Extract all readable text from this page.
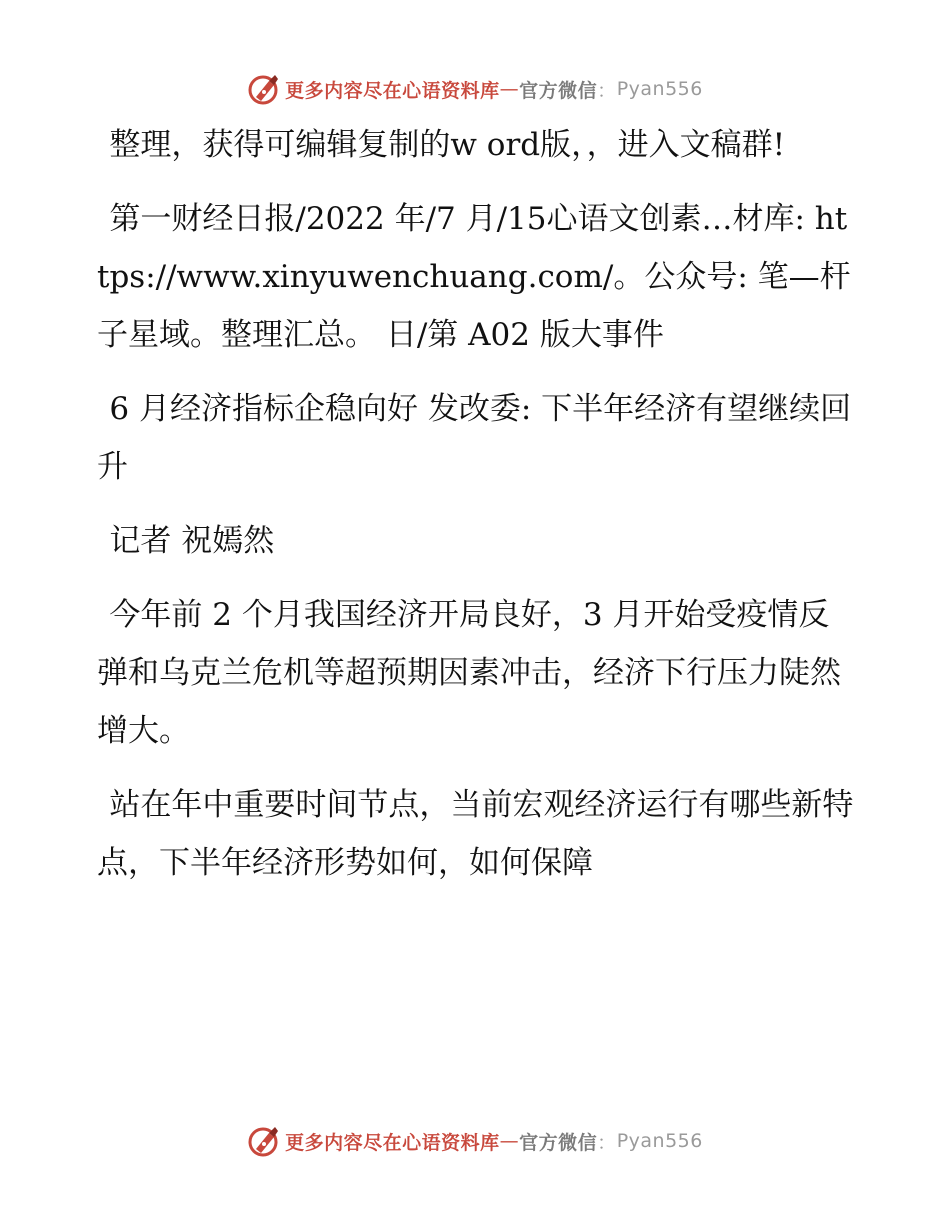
更多内容尽在心语资料库 — 官方微信 ： Pyan556

整理，获得可编辑复制的w ord版，，进入文稿群!

第一财经日报/2022 年/7 月/15心语文创素…材库: https://www.xinyuwenchuang.com/。公众号: 笔—杆子星域。整理汇总。 日/第 A02 版大事件

6 月经济指标企稳向好 发改委: 下半年经济有望继续回升

记者 祝嫣然

今年前 2 个月我国经济开局良好，3 月开始受疫情反弹和乌克兰危机等超预期因素冲击，经济下行压力陡然增大。

站在年中重要时间节点，当前宏观经济运行有哪些新特点，下半年经济形势如何，如何保障

更多内容尽在心语资料库 — 官方微信 ： Pyan556
